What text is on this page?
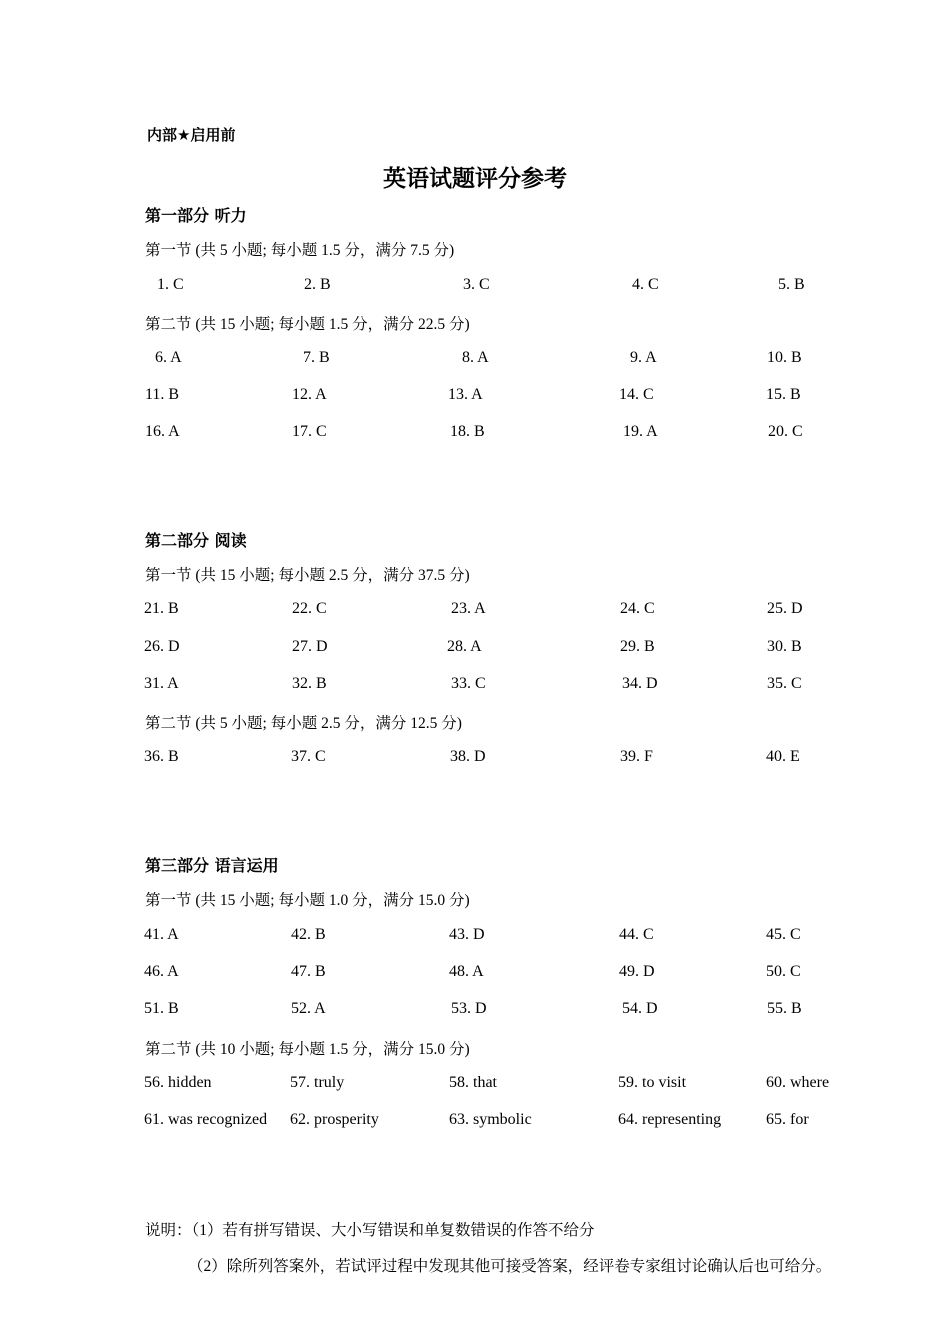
内部★启用前
英语试题评分参考
第一部分 听力
第一节 (共 5 小题; 每小题 1.5 分，满分 7.5 分)
1. C	2. B	3. C	4. C	5. B
第二节 (共 15 小题; 每小题 1.5 分，满分 22.5 分)
6. A	7. B	8. A	9. A	10. B
11. B	12. A	13. A	14. C	15. B
16. A	17. C	18. B	19. A	20. C
第二部分 阅读
第一节 (共 15 小题; 每小题 2.5 分，满分 37.5 分)
21. B	22. C	23. A	24. C	25. D
26. D	27. D	28. A	29. B	30. B
31. A	32. B	33. C	34. D	35. C
第二节 (共 5 小题; 每小题 2.5 分，满分 12.5 分)
36. B	37. C	38. D	39. F	40. E
第三部分 语言运用
第一节 (共 15 小题; 每小题 1.0 分，满分 15.0 分)
41. A	42. B	43. D	44. C	45. C
46. A	47. B	48. A	49. D	50. C
51. B	52. A	53. D	54. D	55. B
第二节 (共 10 小题; 每小题 1.5 分，满分 15.0 分)
56. hidden	57. truly	58. that	59. to visit	60. where
61. was recognized 62. prosperity	63. symbolic	64. representing	65. for
说明：（1）若有拼写错误、大小写错误和单复数错误的作答不给分
（2）除所列答案外，若试评过程中发现其他可接受答案，经评卷专家组讨论确认后也可给分。
